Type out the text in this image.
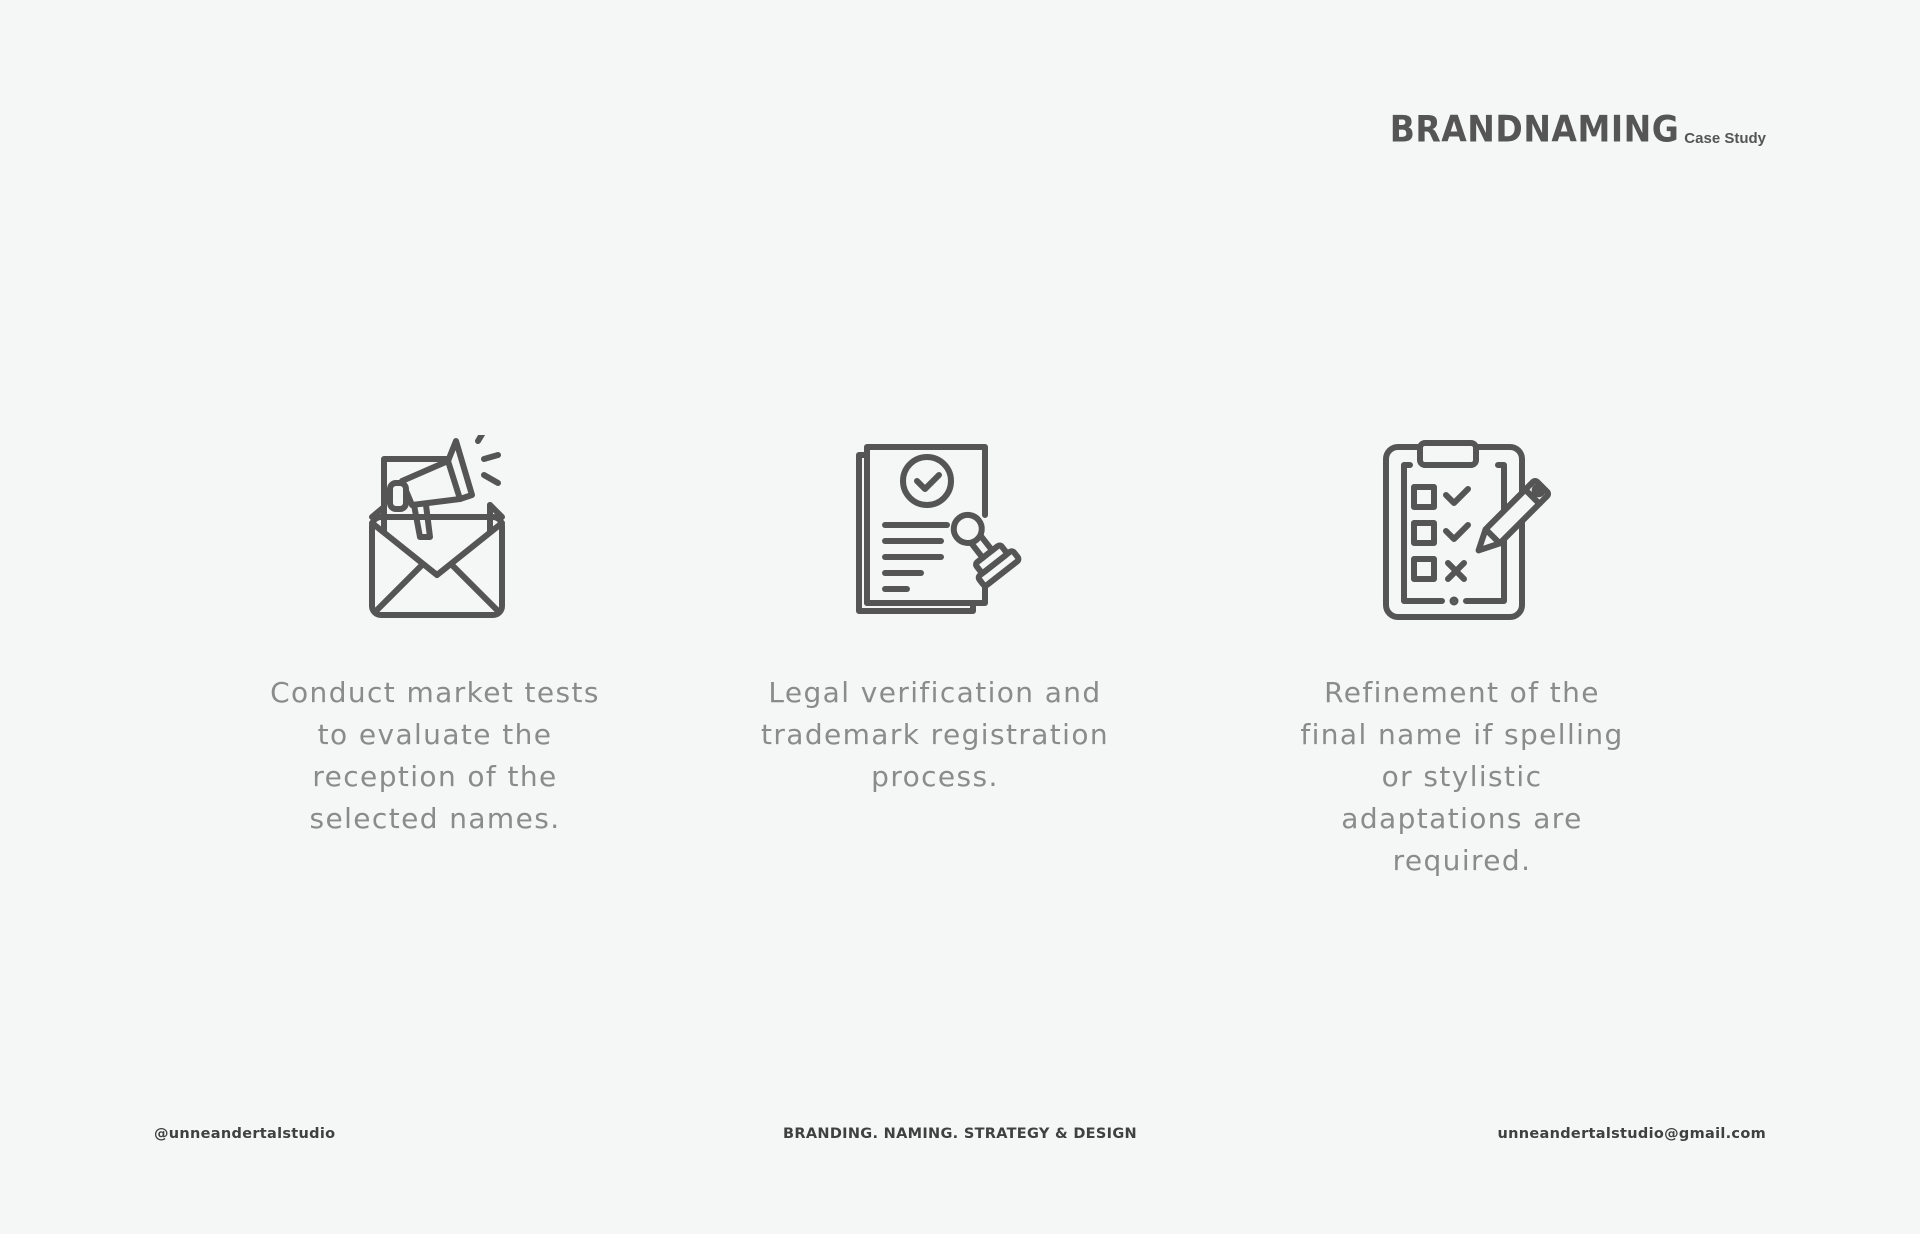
BRANDNAMING Case Study
Conduct market tests to evaluate the reception of the selected names.
Legal verification and trademark registration process.
Refinement of the final name if spelling or stylistic adaptations are required.
@unneandertalstudio	BRANDING. NAMING. STRATEGY & DESIGN	unneandertalstudio@gmail.com
